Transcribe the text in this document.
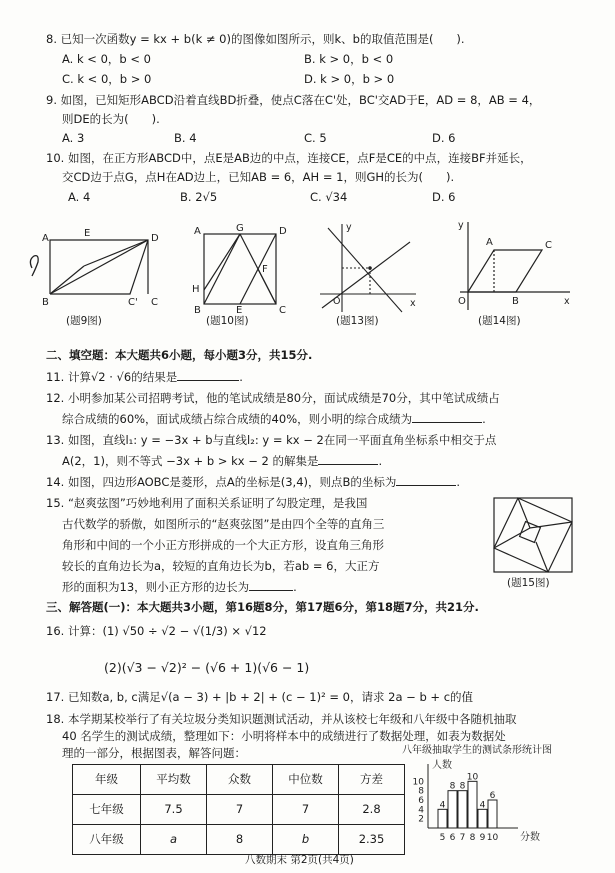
8. 已知一次函数y = kx + b(k ≠ 0)的图像如图所示，则k、b的取值范围是(　　).
A. k < 0，b < 0	B. k > 0，b < 0
C. k < 0，b > 0	D. k > 0，b > 0
9. 如图，已知矩形ABCD沿着直线BD折叠，使点C落在C'处，BC'交AD于E，AD = 8，AB = 4，
则DE的长为(　　).
A. 3	B. 4	C. 5	D. 6
10. 如图，在正方形ABCD中，点E是AB边的中点，连接CE，点F是CE的中点，连接BF并延长，
交CD边于点G，点H在AD边上，已知AB = 6，AH = 1，则GH的长为(　　).
A. 4	B. 2√5	C. √34	D. 6
A	D
B	C
E
C'
(题9图)
A	G	D
H
F
B	E	C
(题10图)
y
x
O
(题13图)
y
x
A	C
O	B
(题14图)
二、填空题：本大题共6小题，每小题3分，共15分.
11. 计算√2 · √6的结果是	.
12. 小明参加某公司招聘考试，他的笔试成绩是80分，面试成绩是70分，其中笔试成绩占
综合成绩的60%，面试成绩占综合成绩的40%，则小明的综合成绩为	.
13. 如图，直线l₁: y = −3x + b与直线l₂: y = kx − 2在同一平面直角坐标系中相交于点
A(2，1)，则不等式 −3x + b > kx − 2 的解集是	.
14. 如图，四边形AOBC是菱形，点A的坐标是(3,4)，则点B的坐标为	.
15. “赵爽弦图”巧妙地利用了面积关系证明了勾股定理，是我国
古代数学的骄傲，如图所示的“赵爽弦图”是由四个全等的直角三
角形和中间的一个小正方形拼成的一个大正方形，设直角三角形
较长的直角边长为a，较短的直角边长为b，若ab = 6，大正方
形的面积为13，则小正方形的边长为	.	(题15图)
三、解答题(一)：本大题共3小题，第16题8分，第17题6分，第18题7分，共21分.
16. 计算：(1) √50 ÷ √2 − √(1/3) × √12
(2)(√3 − √2)² − (√6 + 1)(√6 − 1)
17. 已知数a, b, c满足√(a − 3) + |b + 2| + (c − 1)² = 0，请求 2a − b + c的值
18. 本学期某校举行了有关垃圾分类知识题测试活动，并从该校七年级和八年级中各随机抽取
40 名学生的测试成绩，整理如下：小明将样本中的成绩进行了数据处理，如表为数据处
理的一部分，根据图表，解答问题：
年级	平均数	众数	中位数	方差
七年级	7.5	7	7	2.8
八年级	a	8	b	2.35
八年级抽取学生的测试条形统计图
人数
分数
2
4
6
8
10
4
5
8
6
8
7
10
8
4
9
6
10
八数期末 第2页(共4页)
